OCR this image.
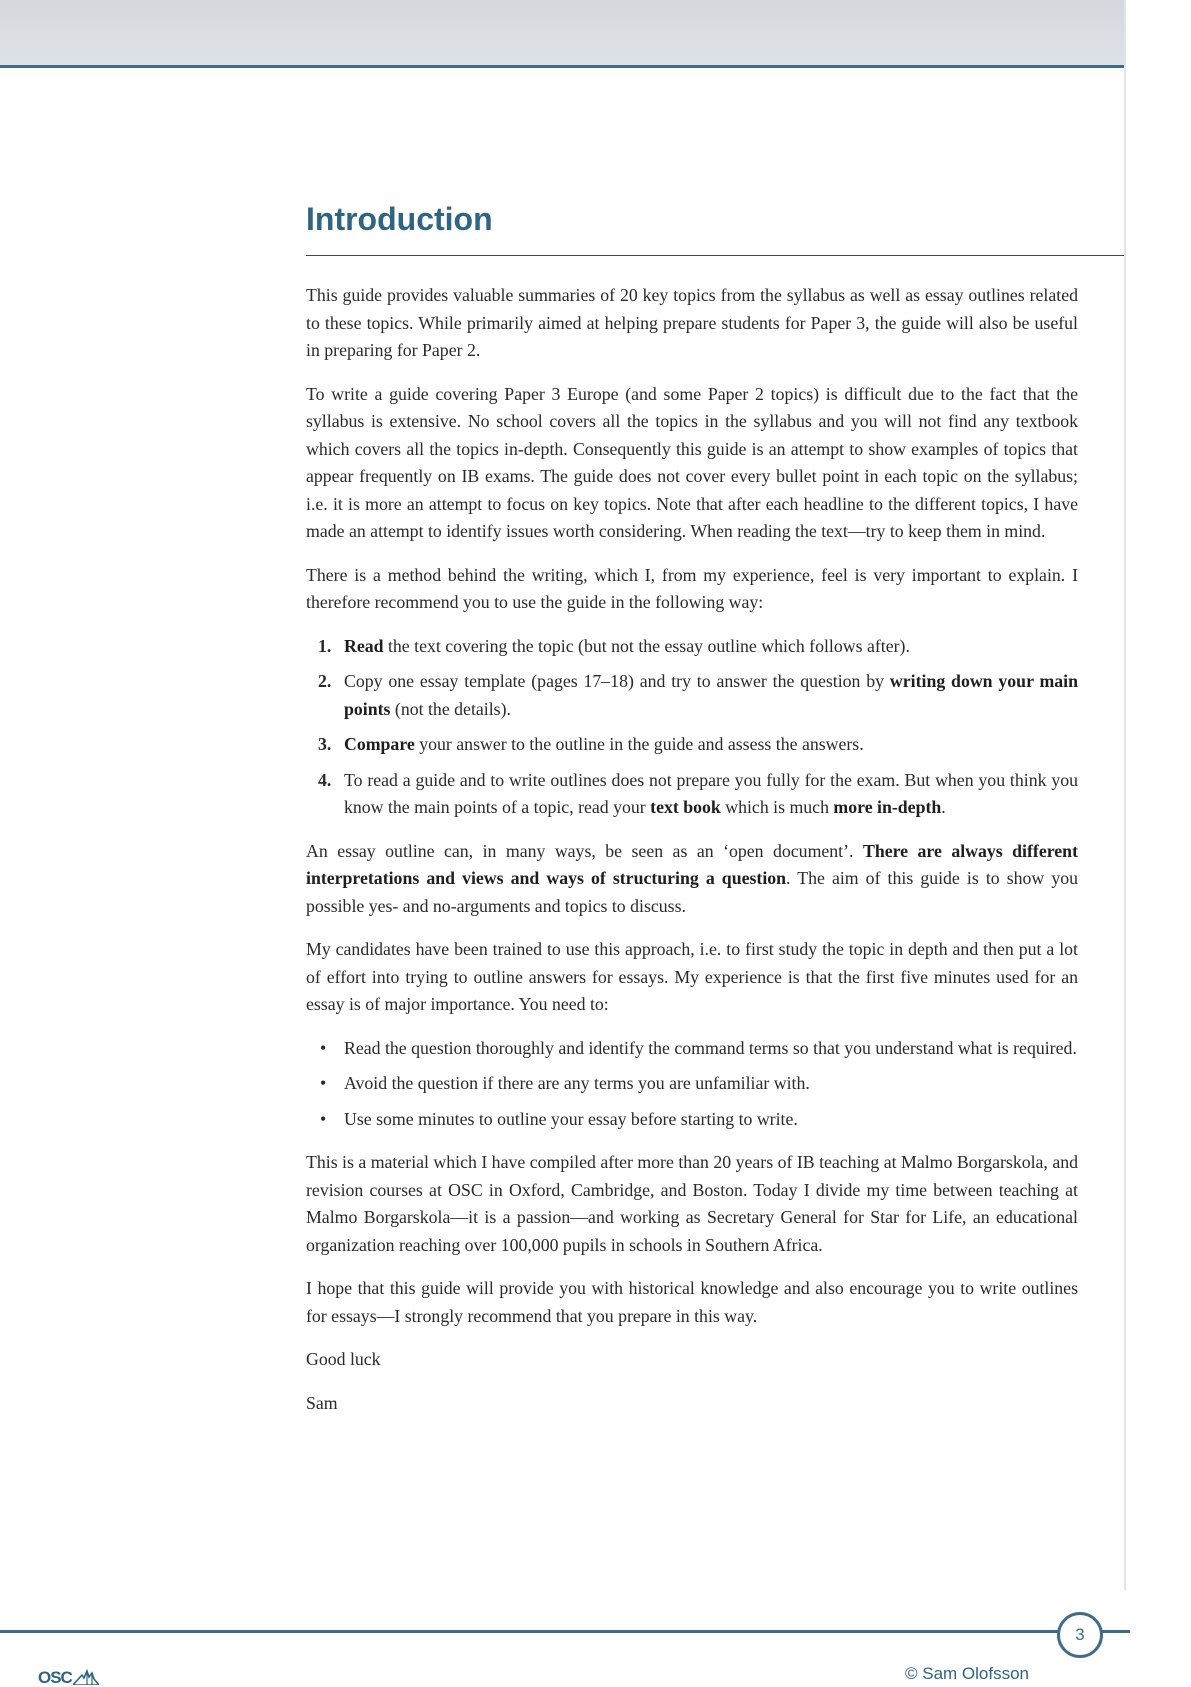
Introduction

This guide provides valuable summaries of 20 key topics from the syllabus as well as essay outlines related to these topics. While primarily aimed at helping prepare students for Paper 3, the guide will also be useful in preparing for Paper 2.

To write a guide covering Paper 3 Europe (and some Paper 2 topics) is difficult due to the fact that the syllabus is extensive. No school covers all the topics in the syllabus and you will not find any textbook which covers all the topics in-depth. Consequently this guide is an attempt to show examples of topics that appear frequently on IB exams. The guide does not cover every bullet point in each topic on the syllabus; i.e. it is more an attempt to focus on key topics. Note that after each headline to the different topics, I have made an attempt to identify issues worth considering. When reading the text—try to keep them in mind.

There is a method behind the writing, which I, from my experience, feel is very important to explain. I therefore recommend you to use the guide in the following way:

1. Read the text covering the topic (but not the essay outline which follows after).
2. Copy one essay template (pages 17–18) and try to answer the question by writing down your main points (not the details).
3. Compare your answer to the outline in the guide and assess the answers.
4. To read a guide and to write outlines does not prepare you fully for the exam. But when you think you know the main points of a topic, read your text book which is much more in-depth.

An essay outline can, in many ways, be seen as an ‘open document’. There are always different interpretations and views and ways of structuring a question. The aim of this guide is to show you possible yes- and no-arguments and topics to discuss.

My candidates have been trained to use this approach, i.e. to first study the topic in depth and then put a lot of effort into trying to outline answers for essays. My experience is that the first five minutes used for an essay is of major importance. You need to:

• Read the question thoroughly and identify the command terms so that you understand what is required.
• Avoid the question if there are any terms you are unfamiliar with.
• Use some minutes to outline your essay before starting to write.

This is a material which I have compiled after more than 20 years of IB teaching at Malmo Borgarskola, and revision courses at OSC in Oxford, Cambridge, and Boston. Today I divide my time between teaching at Malmo Borgarskola—it is a passion—and working as Secretary General for Star for Life, an educational organization reaching over 100,000 pupils in schools in Southern Africa.

I hope that this guide will provide you with historical knowledge and also encourage you to write outlines for essays—I strongly recommend that you prepare in this way.

Good luck

Sam

3
OSC	© Sam Olofsson
